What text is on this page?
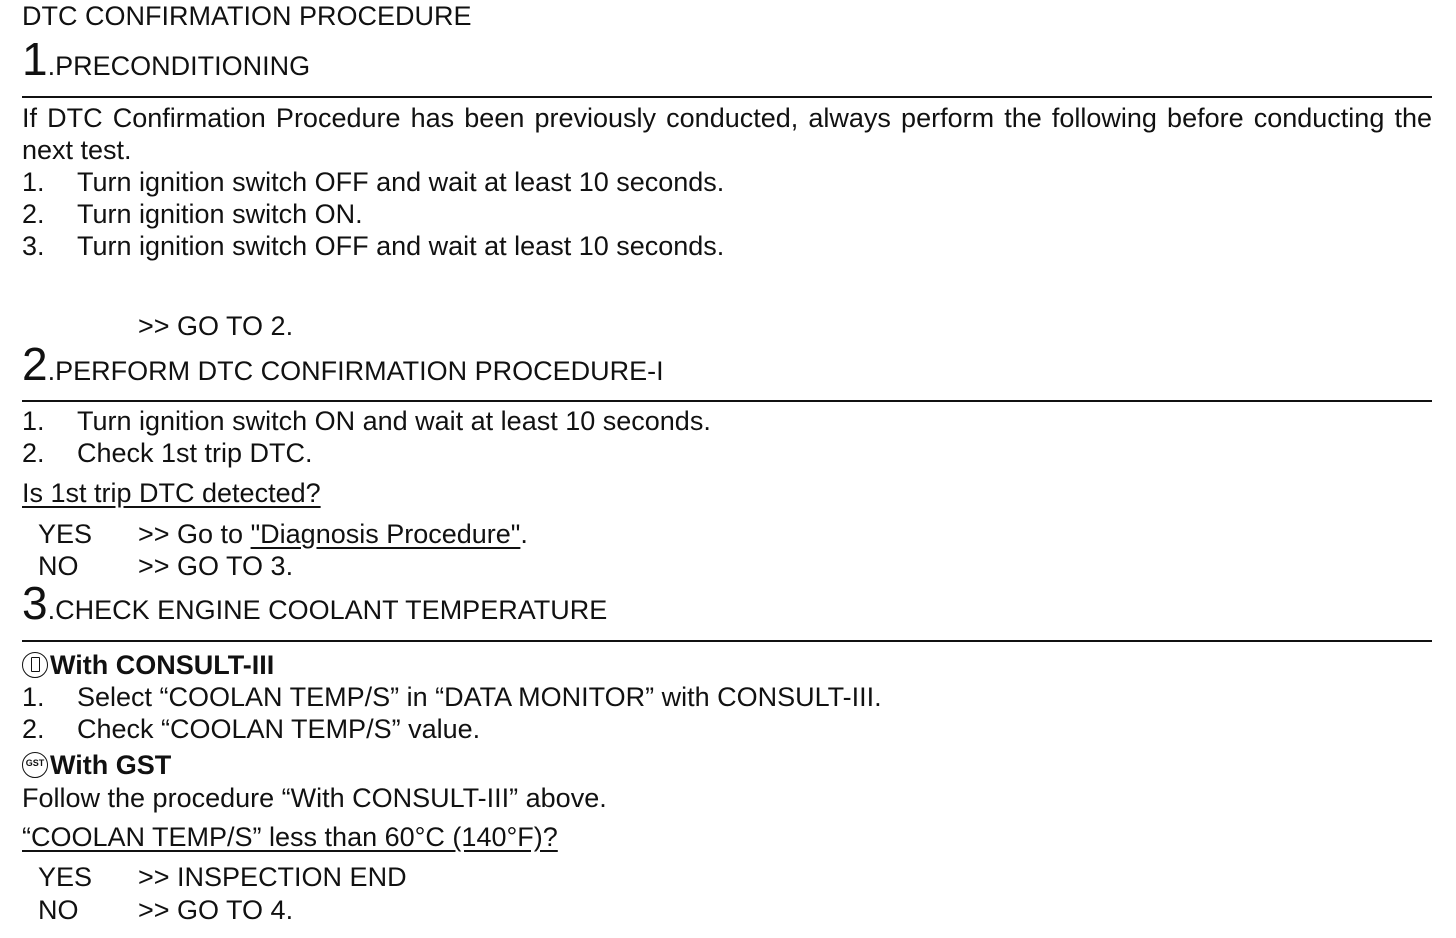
DTC CONFIRMATION PROCEDURE
1.PRECONDITIONING
If DTC Confirmation Procedure has been previously conducted, always perform the following before conducting the next test.
1. Turn ignition switch OFF and wait at least 10 seconds.
2. Turn ignition switch ON.
3. Turn ignition switch OFF and wait at least 10 seconds.
>> GO TO 2.
2.PERFORM DTC CONFIRMATION PROCEDURE-I
1. Turn ignition switch ON and wait at least 10 seconds.
2. Check 1st trip DTC.
Is 1st trip DTC detected?
YES >> Go to "Diagnosis Procedure".
NO >> GO TO 3.
3.CHECK ENGINE COOLANT TEMPERATURE
With CONSULT-III
1. Select “COOLAN TEMP/S” in “DATA MONITOR” with CONSULT-III.
2. Check “COOLAN TEMP/S” value.
GST With GST
Follow the procedure “With CONSULT-III” above.
“COOLAN TEMP/S” less than 60°C (140°F)?
YES >> INSPECTION END
NO >> GO TO 4.
